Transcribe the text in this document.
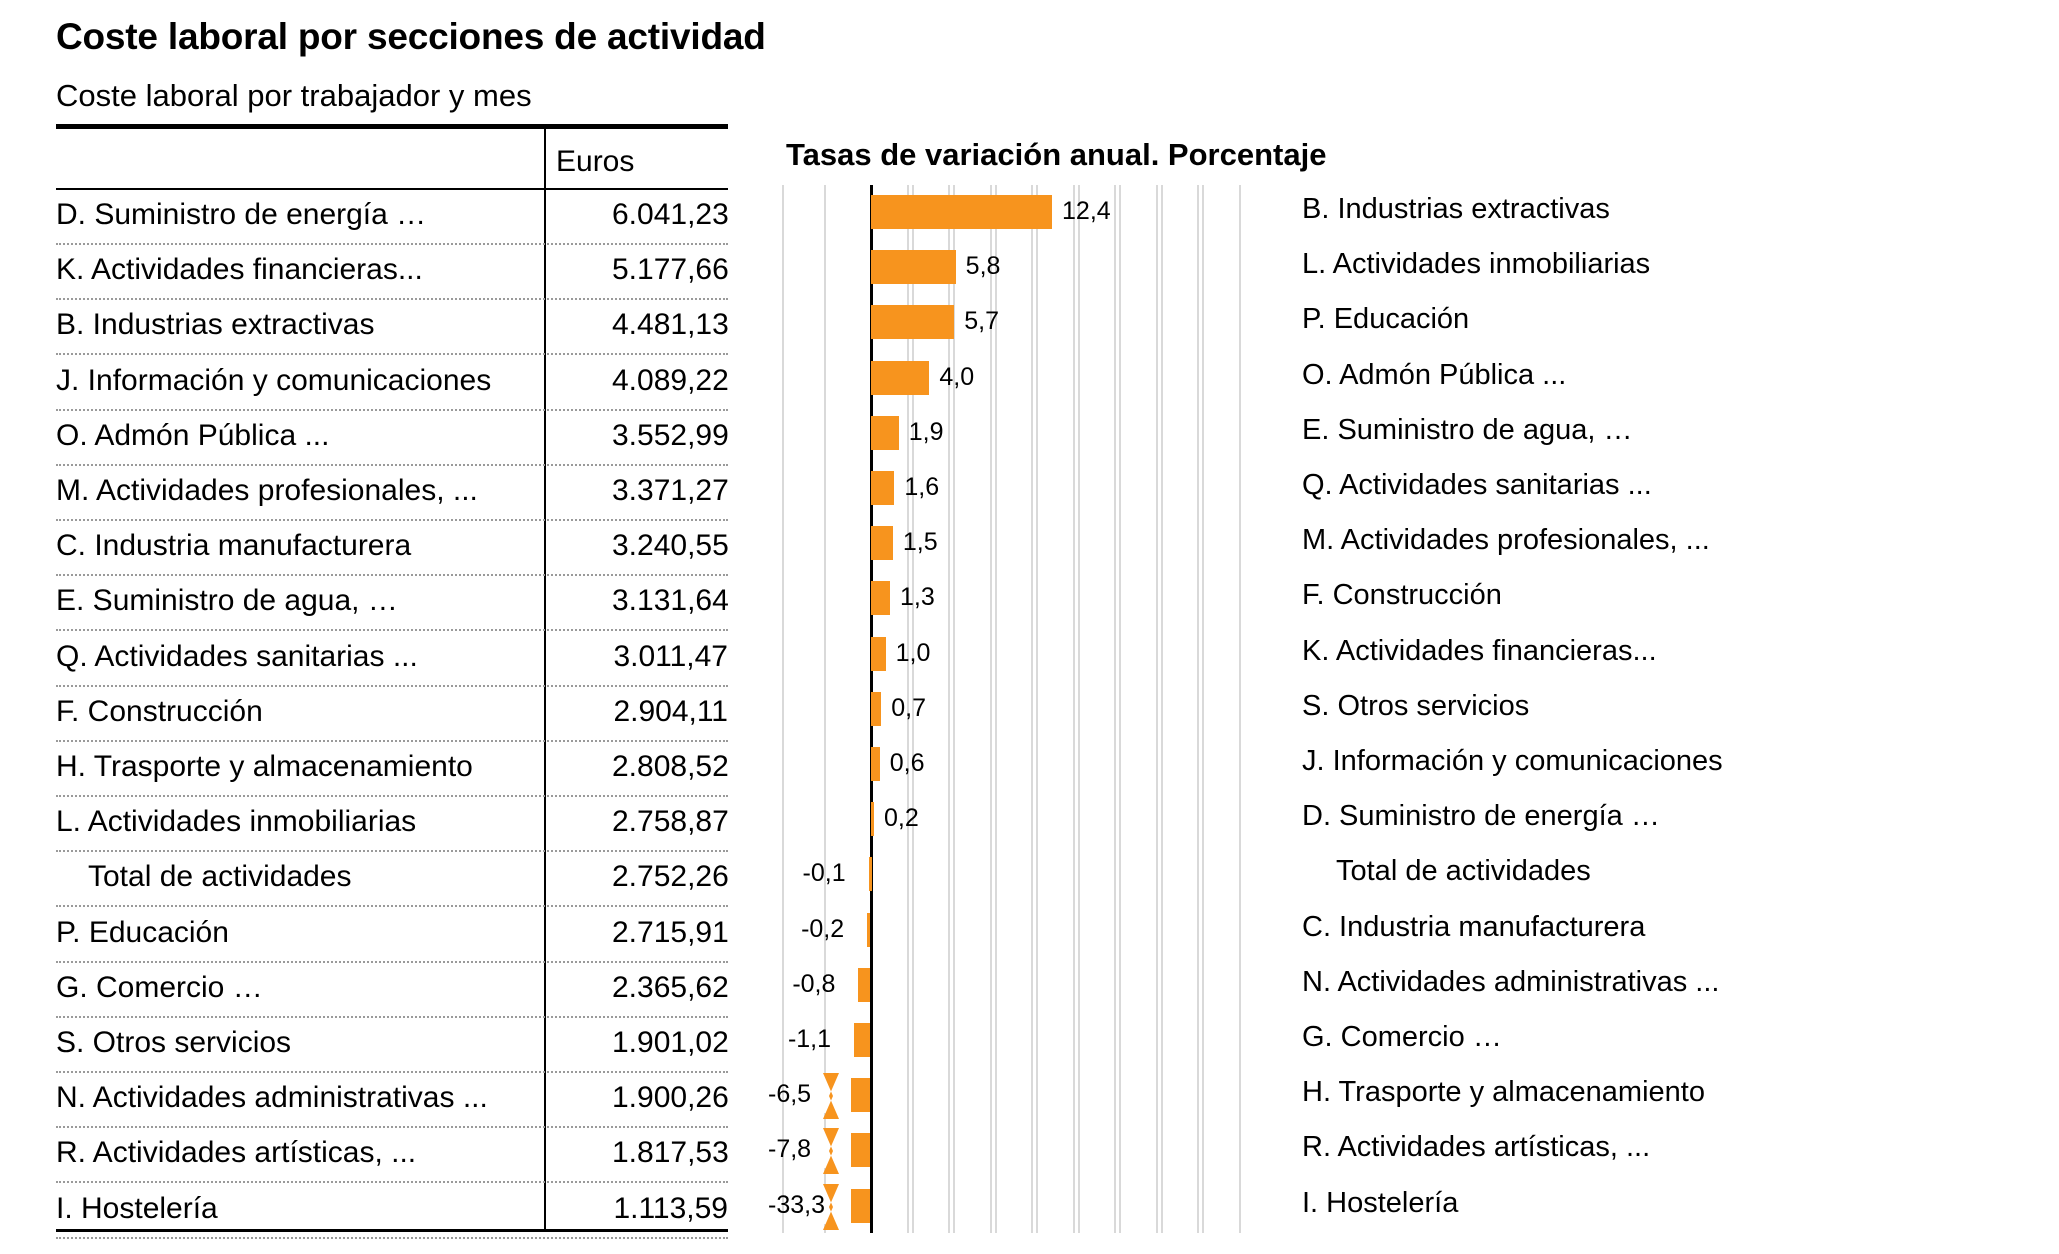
Coste laboral por secciones de actividad
Coste laboral por trabajador y mes
Tasas de variación anual. Porcentaje
Euros
D. Suministro de energía …	6.041,23
K. Actividades financieras...	5.177,66
B. Industrias extractivas	4.481,13
J. Información y comunicaciones	4.089,22
O. Admón Pública ...	3.552,99
M. Actividades profesionales, ...	3.371,27
C. Industria manufacturera	3.240,55
E. Suministro de agua, …	3.131,64
Q. Actividades sanitarias ...	3.011,47
F. Construcción	2.904,11
H. Trasporte y almacenamiento	2.808,52
L. Actividades inmobiliarias	2.758,87
Total de actividades	2.752,26
P. Educación	2.715,91
G. Comercio …	2.365,62
S. Otros servicios	1.901,02
N. Actividades administrativas ...	1.900,26
R. Actividades artísticas, ...	1.817,53
I. Hostelería	1.113,59
12,4	B. Industrias extractivas
5,8	L. Actividades inmobiliarias
5,7	P. Educación
4,0	O. Admón Pública ...
1,9	E. Suministro de agua, …
1,6	Q. Actividades sanitarias ...
1,5	M. Actividades profesionales, ...
1,3	F. Construcción
1,0	K. Actividades financieras...
0,7	S. Otros servicios
0,6	J. Información y comunicaciones
0,2	D. Suministro de energía …
-0,1	Total de actividades
-0,2	C. Industria manufacturera
-0,8	N. Actividades administrativas ...
-1,1	G. Comercio …
-6,5	H. Trasporte y almacenamiento
-7,8	R. Actividades artísticas, ...
-33,3	I. Hostelería
